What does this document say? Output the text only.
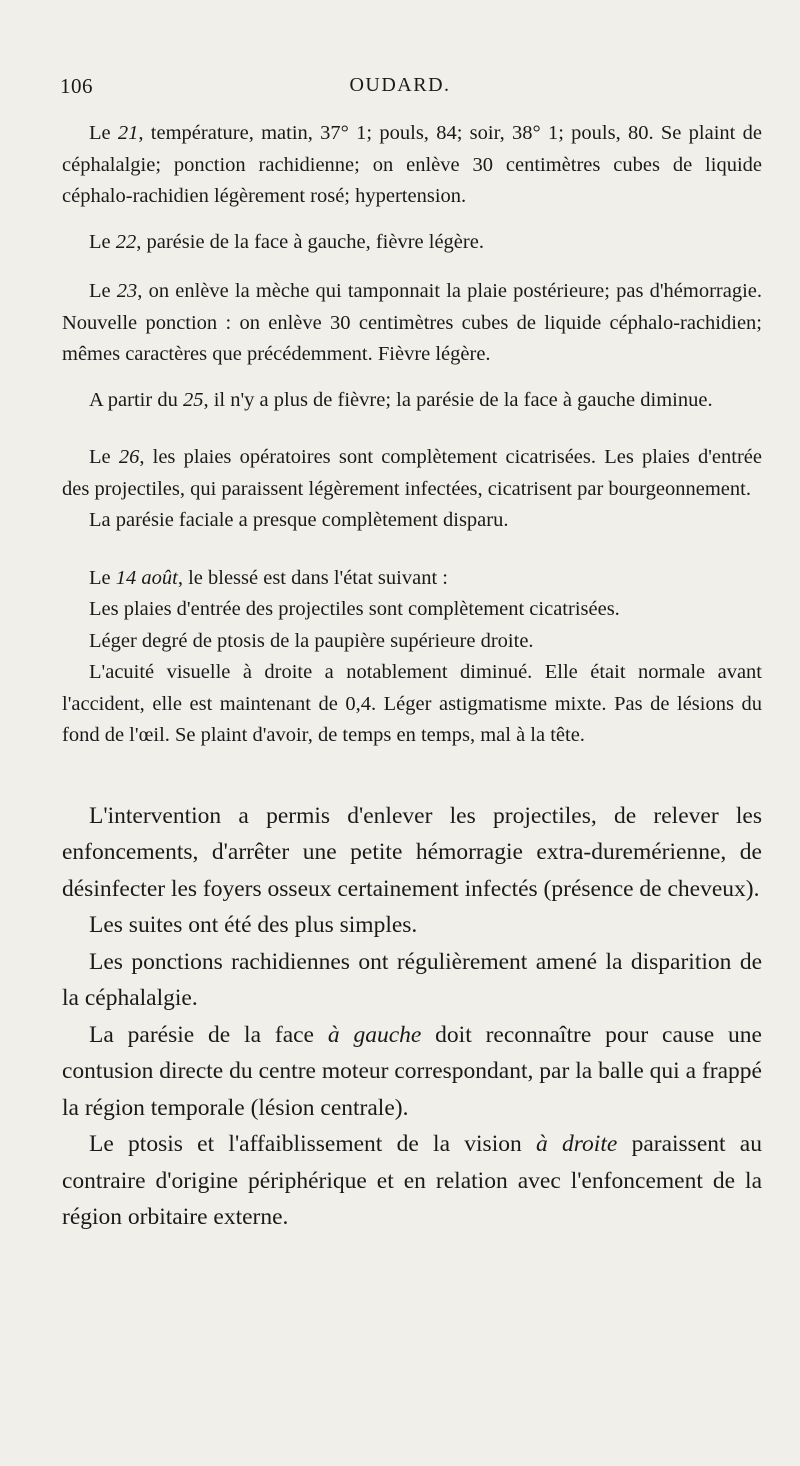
106	OUDARD.

Le 21, température, matin, 37° 1; pouls, 84; soir, 38° 1; pouls, 80. Se plaint de céphalalgie; ponction rachidienne; on enlève 30 centimètres cubes de liquide céphalo-rachidien légèrement rosé; hypertension.

Le 22, parésie de la face à gauche, fièvre légère.

Le 23, on enlève la mèche qui tamponnait la plaie postérieure; pas d'hémorragie. Nouvelle ponction : on enlève 30 centimètres cubes de liquide céphalo-rachidien; mêmes caractères que précédemment. Fièvre légère.

A partir du 25, il n'y a plus de fièvre; la parésie de la face à gauche diminue.

Le 26, les plaies opératoires sont complètement cicatrisées. Les plaies d'entrée des projectiles, qui paraissent légèrement infectées, cicatrisent par bourgeonnement.

La parésie faciale a presque complètement disparu.

Le 14 août, le blessé est dans l'état suivant :

Les plaies d'entrée des projectiles sont complètement cicatrisées.

Léger degré de ptosis de la paupière supérieure droite.

L'acuité visuelle à droite a notablement diminué. Elle était normale avant l'accident, elle est maintenant de 0,4. Léger astigmatisme mixte. Pas de lésions du fond de l'œil. Se plaint d'avoir, de temps en temps, mal à la tête.

L'intervention a permis d'enlever les projectiles, de relever les enfoncements, d'arrêter une petite hémorragie extra-duremérienne, de désinfecter les foyers osseux certainement infectés (présence de cheveux).

Les suites ont été des plus simples.

Les ponctions rachidiennes ont régulièrement amené la disparition de la céphalalgie.

La parésie de la face à gauche doit reconnaître pour cause une contusion directe du centre moteur correspondant, par la balle qui a frappé la région temporale (lésion centrale).

Le ptosis et l'affaiblissement de la vision à droite paraissent au contraire d'origine périphérique et en relation avec l'enfoncement de la région orbitaire externe.
